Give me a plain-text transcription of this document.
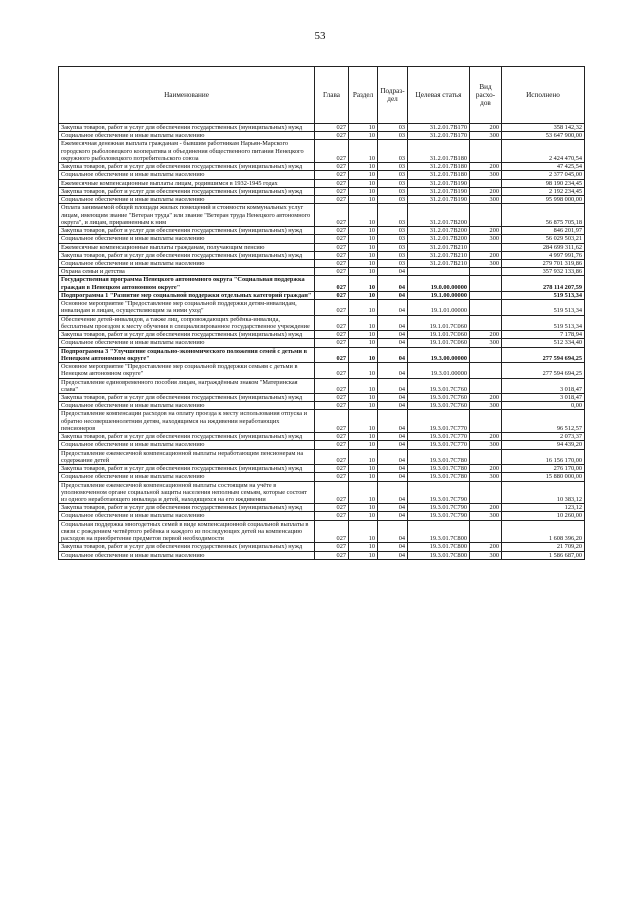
53
Наименование	Глава	Раздел	Подраз-дел	Целевая статья	Вид расхо-дов	Исполнено
Закупка товаров, работ и услуг для обеспечения государственных (муниципальных) нужд	027	10	03	31.2.01.7В170	200	358 142,32
Социальное обеспечение и иные выплаты населению	027	10	03	31.2.01.7В170	300	53 647 900,00
Ежемесячная денежная выплата гражданам - бывшим работникам Нарьян-Марского городского рыболовецкого кооператива и объединения общественного питания Ненецкого окружного рыболовецкого потребительского союза	027	10	03	31.2.01.7В180		2 424 470,54
Закупка товаров, работ и услуг для обеспечения государственных (муниципальных) нужд	027	10	03	31.2.01.7В180	200	47 425,54
Социальное обеспечение и иные выплаты населению	027	10	03	31.2.01.7В180	300	2 377 045,00
Ежемесячные компенсационные выплаты лицам, родившимся в 1932-1945 годах	027	10	03	31.2.01.7В190		98 190 234,45
Закупка товаров, работ и услуг для обеспечения государственных (муниципальных) нужд	027	10	03	31.2.01.7В190	200	2 192 234,45
Социальное обеспечение и иные выплаты населению	027	10	03	31.2.01.7В190	300	95 998 000,00
Оплата занимаемой общей площади жилых помещений и стоимости коммунальных услуг лицам, имеющим звание "Ветеран труда" или звание "Ветеран труда Ненецкого автономного округа", и лицам, приравненным к ним	027	10	03	31.2.01.7В200		56 875 705,18
Закупка товаров, работ и услуг для обеспечения государственных (муниципальных) нужд	027	10	03	31.2.01.7В200	200	846 201,97
Социальное обеспечение и иные выплаты населению	027	10	03	31.2.01.7В200	300	56 029 503,21
Ежемесячные компенсационные выплаты гражданам, получающим пенсию	027	10	03	31.2.01.7В210		284 699 311,62
Закупка товаров, работ и услуг для обеспечения государственных (муниципальных) нужд	027	10	03	31.2.01.7В210	200	4 997 991,76
Социальное обеспечение и иные выплаты населению	027	10	03	31.2.01.7В210	300	279 701 319,86
Охрана семьи и детства	027	10	04			357 932 133,86
Государственная программа Ненецкого автономного округа "Социальная поддержка граждан в Ненецком автономном округе"	027	10	04	19.0.00.00000		278 114 207,59
Подпрограмма 1 "Развитие мер социальной поддержки отдельных категорий граждан"	027	10	04	19.1.00.00000		519 513,34
Основное мероприятие "Предоставление мер социальной поддержки детям-инвалидам, инвалидам и лицам, осуществляющим за ними уход"	027	10	04	19.1.01.00000		519 513,34
Обеспечение детей-инвалидов, а также лиц, сопровождающих ребёнка-инвалида, бесплатным проездом к месту обучения в специализированное государственное учреждение	027	10	04	19.1.01.7С060		519 513,34
Закупка товаров, работ и услуг для обеспечения государственных (муниципальных) нужд	027	10	04	19.1.01.7С060	200	7 178,94
Социальное обеспечение и иные выплаты населению	027	10	04	19.1.01.7С060	300	512 334,40
Подпрограмма 3 "Улучшение социально-экономического положения семей с детьми в Ненецком автономном округе"	027	10	04	19.3.00.00000		277 594 694,25
Основное мероприятие "Предоставление мер социальной поддержки семьям с детьми в Ненецком автономном округе"	027	10	04	19.3.01.00000		277 594 694,25
Предоставление единовременного пособия лицам, награждённым знаком "Материнская слава"	027	10	04	19.3.01.7С760		3 018,47
Закупка товаров, работ и услуг для обеспечения государственных (муниципальных) нужд	027	10	04	19.3.01.7С760	200	3 018,47
Социальное обеспечение и иные выплаты населению	027	10	04	19.3.01.7С760	300	0,00
Предоставление компенсации расходов на оплату проезда к месту использования отпуска и обратно несовершеннолетним детям, находящимся на иждивении неработающих пенсионеров	027	10	04	19.3.01.7С770		96 512,57
Закупка товаров, работ и услуг для обеспечения государственных (муниципальных) нужд	027	10	04	19.3.01.7С770	200	2 073,37
Социальное обеспечение и иные выплаты населению	027	10	04	19.3.01.7С770	300	94 439,20
Предоставление ежемесячной компенсационной выплаты неработающим пенсионерам на содержание детей	027	10	04	19.3.01.7С780		16 156 170,00
Закупка товаров, работ и услуг для обеспечения государственных (муниципальных) нужд	027	10	04	19.3.01.7С780	200	276 170,00
Социальное обеспечение и иные выплаты населению	027	10	04	19.3.01.7С780	300	15 880 000,00
Предоставление ежемесячной компенсационной выплаты состоящим на учёте в уполномоченном органе социальной защиты населения неполным семьям, которые состоят из одного неработающего инвалида и детей, находящихся на его иждивении	027	10	04	19.3.01.7С790		10 383,12
Закупка товаров, работ и услуг для обеспечения государственных (муниципальных) нужд	027	10	04	19.3.01.7С790	200	123,12
Социальное обеспечение и иные выплаты населению	027	10	04	19.3.01.7С790	300	10 260,00
Социальная поддержка многодетных семей в виде компенсационной социальной выплаты в связи с рождением четвёртого ребёнка и каждого из последующих детей на компенсацию расходов на приобретение предметов первой необходимости	027	10	04	19.3.01.7С800		1 608 396,20
Закупка товаров, работ и услуг для обеспечения государственных (муниципальных) нужд	027	10	04	19.3.01.7С800	200	21 709,20
Социальное обеспечение и иные выплаты населению	027	10	04	19.3.01.7С800	300	1 586 687,00
